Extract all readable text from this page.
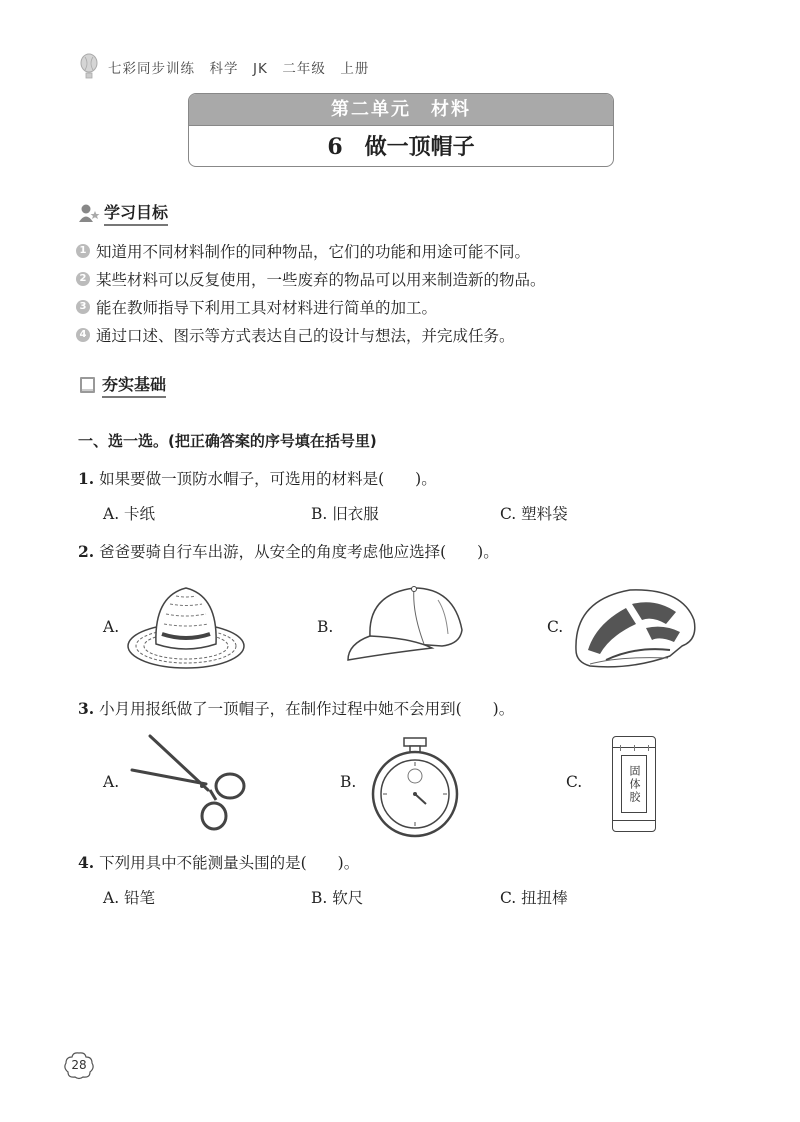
七彩同步训练　科学　JK　二年级　上册
第二单元　材料
6　做一顶帽子
学习目标
1 知道用不同材料制作的同种物品，它们的功能和用途可能不同。
2 某些材料可以反复使用，一些废弃的物品可以用来制造新的物品。
3 能在教师指导下利用工具对材料进行简单的加工。
4 通过口述、图示等方式表达自己的设计与想法，并完成任务。
夯实基础
一、选一选。(把正确答案的序号填在括号里)
1. 如果要做一顶防水帽子，可选用的材料是(　　)。
A. 卡纸	B. 旧衣服	C. 塑料袋
2. 爸爸要骑自行车出游，从安全的角度考虑他应选择(　　)。
A.	B.	C.
3. 小月用报纸做了一顶帽子，在制作过程中她不会用到(　　)。
A.	B.	C.	固体胶
4. 下列用具中不能测量头围的是(　　)。
A. 铅笔	B. 软尺	C. 扭扭棒
28
